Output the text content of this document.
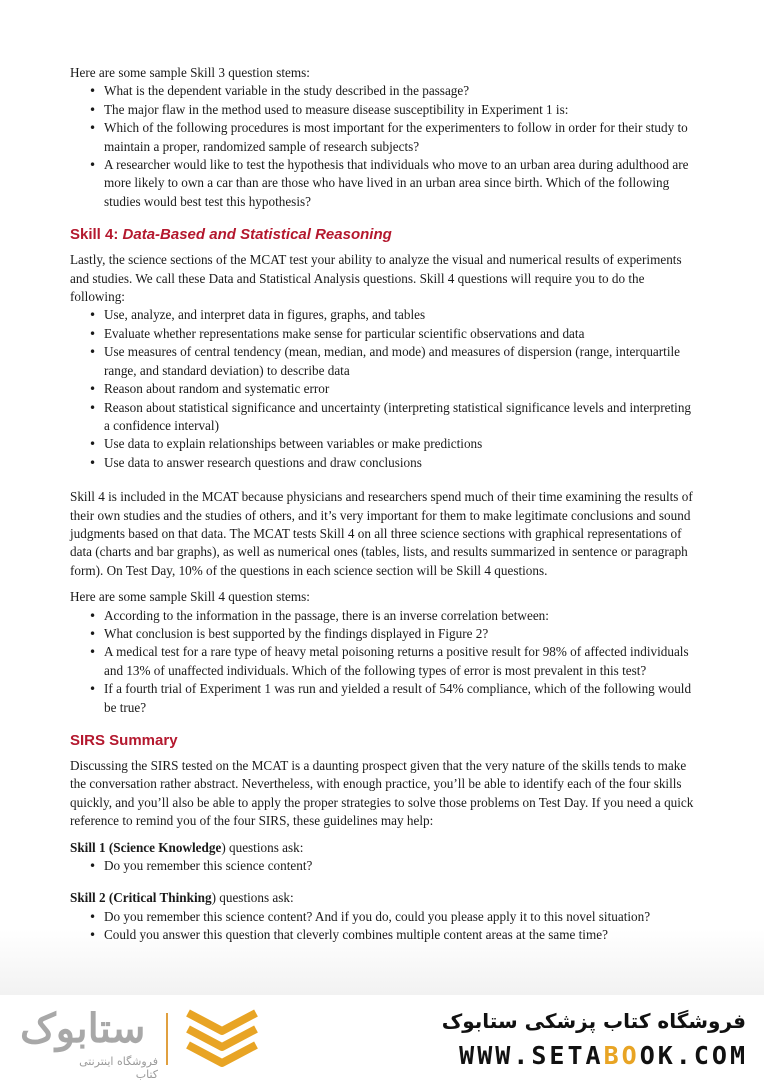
Here are some sample Skill 3 question stems:

• What is the dependent variable in the study described in the passage?
• The major flaw in the method used to measure disease susceptibility in Experiment 1 is:
• Which of the following procedures is most important for the experimenters to follow in order for their study to maintain a proper, randomized sample of research subjects?
• A researcher would like to test the hypothesis that individuals who move to an urban area during adulthood are more likely to own a car than are those who have lived in an urban area since birth. Which of the following studies would best test this hypothesis?
Skill 4: Data-Based and Statistical Reasoning

Lastly, the science sections of the MCAT test your ability to analyze the visual and numerical results of experiments and studies. We call these Data and Statistical Analysis questions. Skill 4 questions will require you to do the following:

• Use, analyze, and interpret data in figures, graphs, and tables
• Evaluate whether representations make sense for particular scientific observations and data
• Use measures of central tendency (mean, median, and mode) and measures of dispersion (range, interquartile range, and standard deviation) to describe data
• Reason about random and systematic error
• Reason about statistical significance and uncertainty (interpreting statistical significance levels and interpreting a confidence interval)
• Use data to explain relationships between variables or make predictions
• Use data to answer research questions and draw conclusions

Skill 4 is included in the MCAT because physicians and researchers spend much of their time examining the results of their own studies and the studies of others, and it’s very important for them to make legitimate conclusions and sound judgments based on that data. The MCAT tests Skill 4 on all three science sections with graphical representations of data (charts and bar graphs), as well as numerical ones (tables, lists, and results summarized in sentence or paragraph form). On Test Day, 10% of the questions in each science section will be Skill 4 questions.

Here are some sample Skill 4 question stems:

• According to the information in the passage, there is an inverse correlation between:
• What conclusion is best supported by the findings displayed in Figure 2?
• A medical test for a rare type of heavy metal poisoning returns a positive result for 98% of affected individuals and 13% of unaffected individuals. Which of the following types of error is most prevalent in this test?
• If a fourth trial of Experiment 1 was run and yielded a result of 54% compliance, which of the following would be true?
SIRS Summary

Discussing the SIRS tested on the MCAT is a daunting prospect given that the very nature of the skills tends to make the conversation rather abstract. Nevertheless, with enough practice, you’ll be able to identify each of the four skills quickly, and you’ll also be able to apply the proper strategies to solve those problems on Test Day. If you need a quick reference to remind you of the four SIRS, these guidelines may help:

Skill 1 (Science Knowledge) questions ask:

• Do you remember this science content?

Skill 2 (Critical Thinking) questions ask:

• Do you remember this science content? And if you do, could you please apply it to this novel situation?
• Could you answer this question that cleverly combines multiple content areas at the same time?
ستابوک
فروشگاه اینترنتی کتاب
فروشگاه کتاب پزشکی ستابوک
WWW.SETABOOK.COM
